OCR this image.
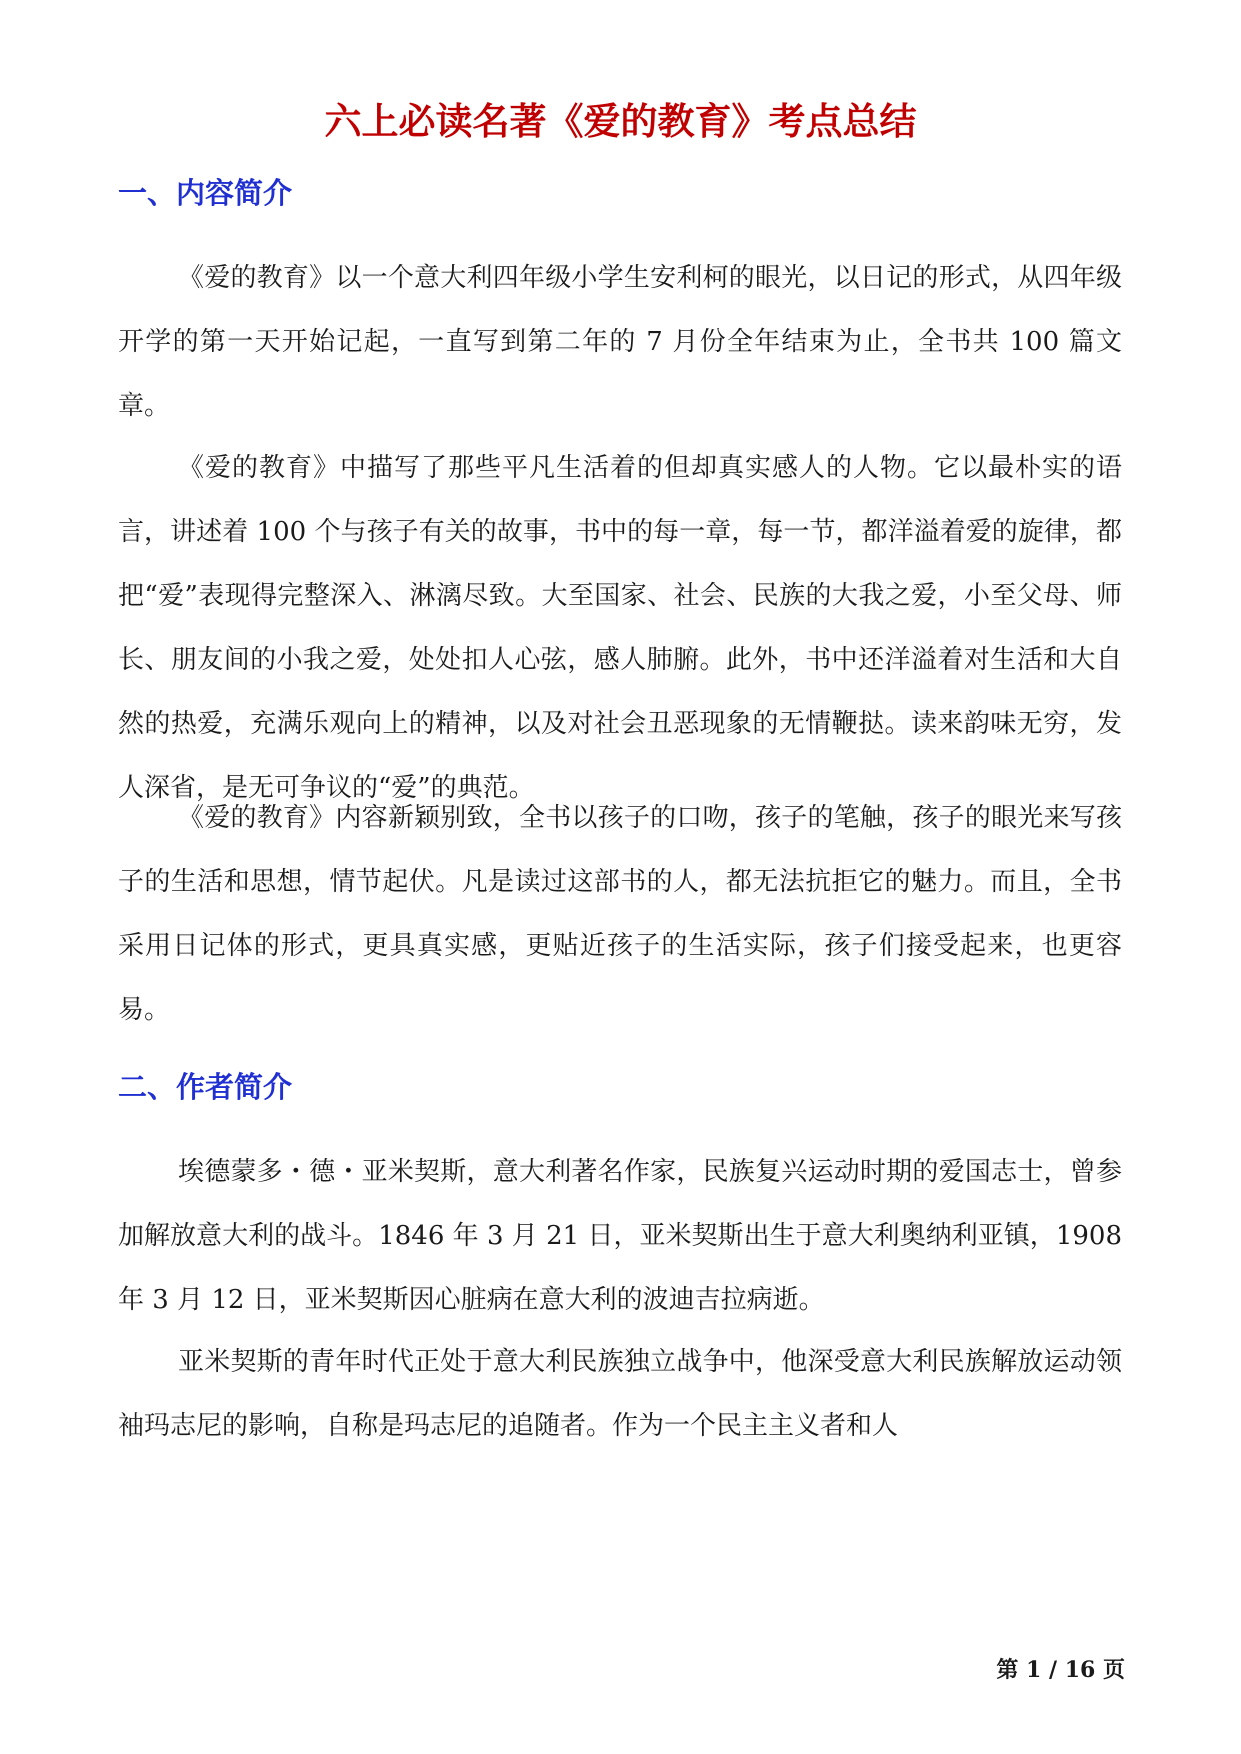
六上必读名著《爱的教育》考点总结
一、内容简介

《爱的教育》以一个意大利四年级小学生安利柯的眼光，以日记的形式，从四年级开学的第一天开始记起，一直写到第二年的 7 月份全年结束为止，全书共 100 篇文章。

《爱的教育》中描写了那些平凡生活着的但却真实感人的人物。它以最朴实的语言，讲述着 100 个与孩子有关的故事，书中的每一章，每一节，都洋溢着爱的旋律，都把“爱”表现得完整深入、淋漓尽致。大至国家、社会、民族的大我之爱，小至父母、师长、朋友间的小我之爱，处处扣人心弦，感人肺腑。此外，书中还洋溢着对生活和大自然的热爱，充满乐观向上的精神，以及对社会丑恶现象的无情鞭挞。读来韵味无穷，发人深省，是无可争议的“爱”的典范。

《爱的教育》内容新颖别致，全书以孩子的口吻，孩子的笔触，孩子的眼光来写孩子的生活和思想，情节起伏。凡是读过这部书的人，都无法抗拒它的魅力。而且，全书采用日记体的形式，更具真实感，更贴近孩子的生活实际，孩子们接受起来，也更容易。

二、作者简介

埃德蒙多・德・亚米契斯，意大利著名作家，民族复兴运动时期的爱国志士，曾参加解放意大利的战斗。1846 年 3 月 21 日，亚米契斯出生于意大利奥纳利亚镇，1908 年 3 月 12 日，亚米契斯因心脏病在意大利的波迪吉拉病逝。

亚米契斯的青年时代正处于意大利民族独立战争中，他深受意大利民族解放运动领袖玛志尼的影响，自称是玛志尼的追随者。作为一个民主主义者和人

第 1 / 16 页
